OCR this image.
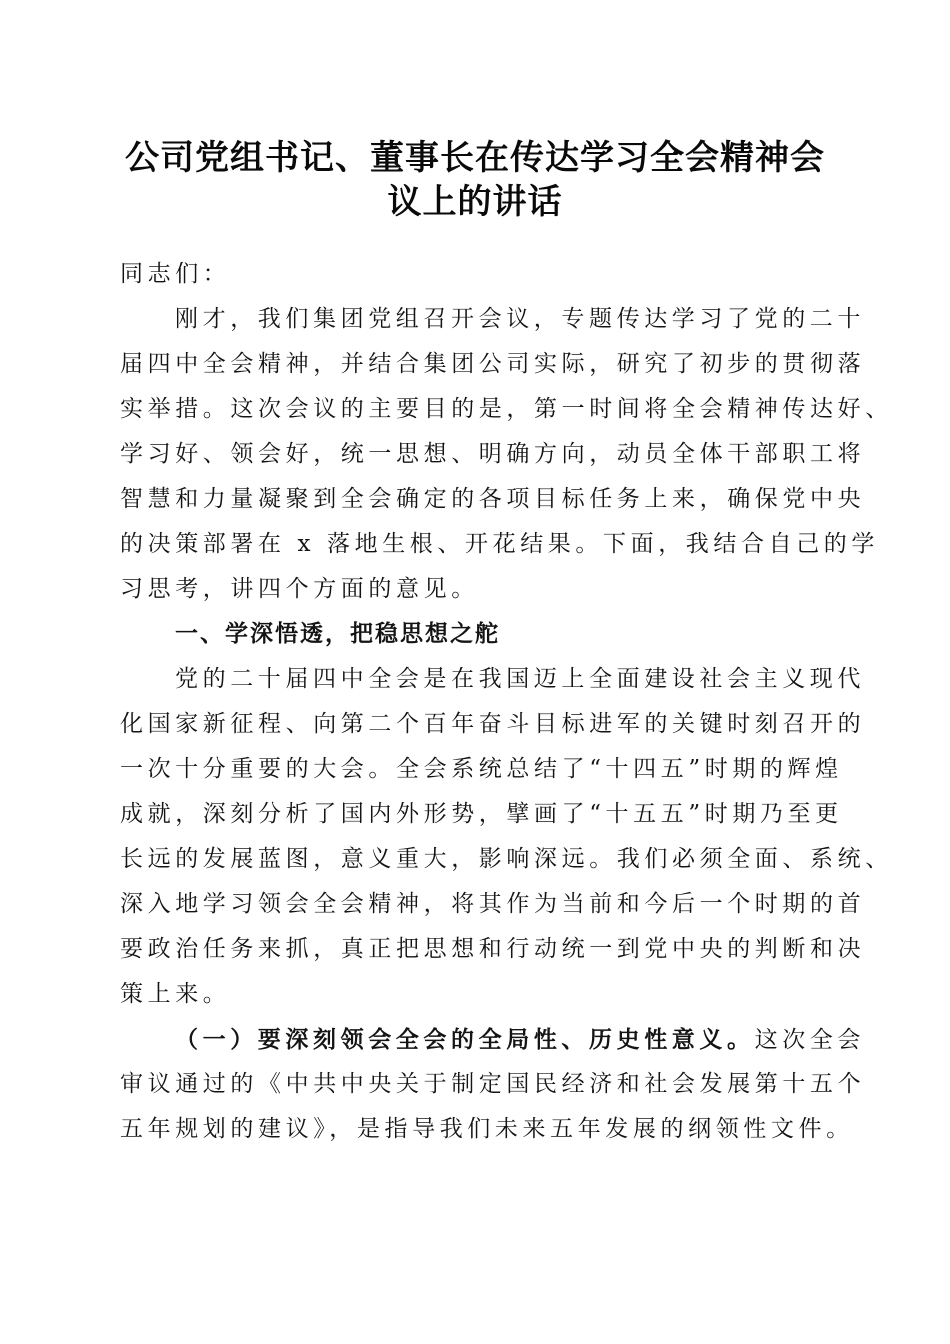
公司党组书记、董事长在传达学习全会精神会
议上的讲话
同志们：
刚才，我们集团党组召开会议，专题传达学习了党的二十
届四中全会精神，并结合集团公司实际，研究了初步的贯彻落
实举措。这次会议的主要目的是，第一时间将全会精神传达好、
学习好、领会好，统一思想、明确方向，动员全体干部职工将
智慧和力量凝聚到全会确定的各项目标任务上来，确保党中央
的决策部署在 x 落地生根、开花结果。下面，我结合自己的学
习思考，讲四个方面的意见。
一、学深悟透，把稳思想之舵
党的二十届四中全会是在我国迈上全面建设社会主义现代
化国家新征程、向第二个百年奋斗目标进军的关键时刻召开的
一次十分重要的大会。全会系统总结了“十四五”时期的辉煌
成就，深刻分析了国内外形势，擘画了“十五五”时期乃至更
长远的发展蓝图，意义重大，影响深远。我们必须全面、系统、
深入地学习领会全会精神，将其作为当前和今后一个时期的首
要政治任务来抓，真正把思想和行动统一到党中央的判断和决
策上来。
（一）要深刻领会全会的全局性、历史性意义。这次全会
审议通过的《中共中央关于制定国民经济和社会发展第十五个
五年规划的建议》，是指导我们未来五年发展的纲领性文件。
